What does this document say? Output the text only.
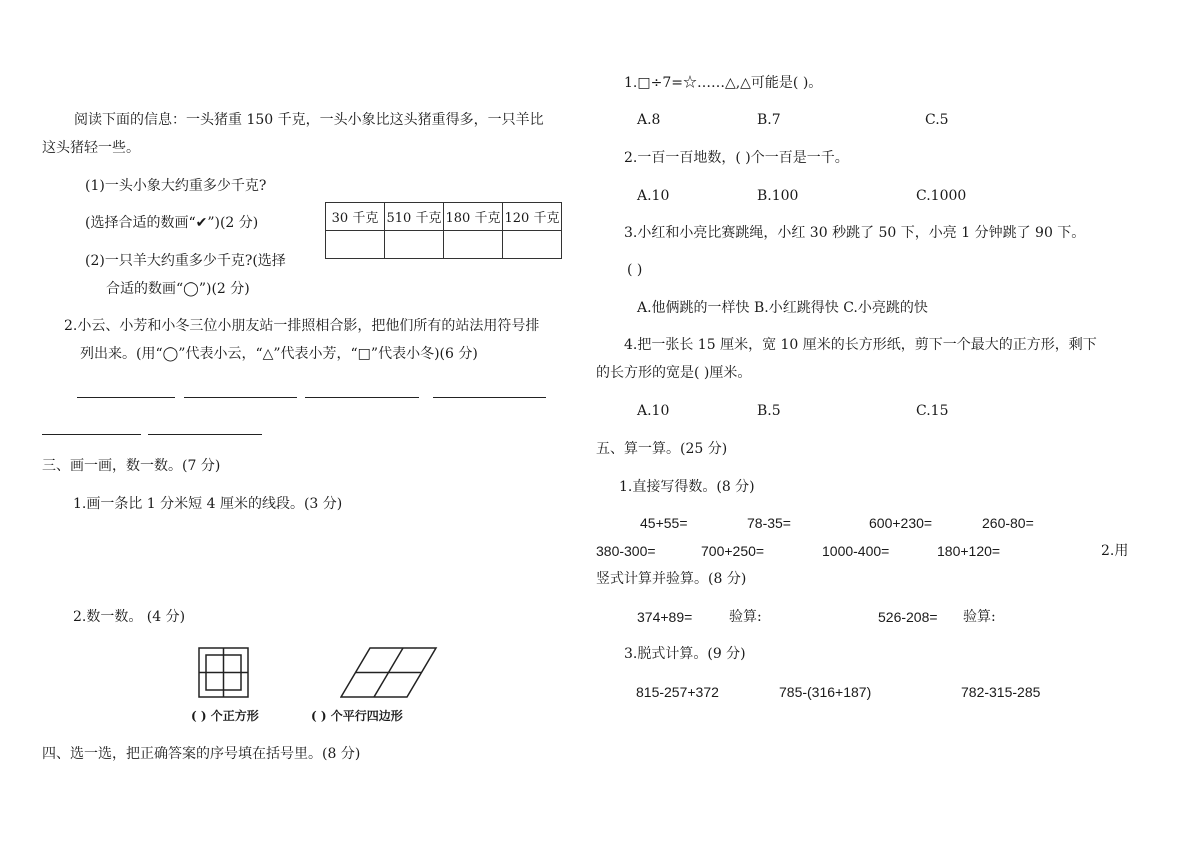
阅读下面的信息：一头猪重 150 千克，一头小象比这头猪重得多，一只羊比
这头猪轻一些。
(1)一头小象大约重多少千克?
(选择合适的数画“✔”)(2 分)
(2)一只羊大约重多少千克?(选择
合适的数画“◯”)(2 分)
30 千克	510 千克	180 千克	120 千克

2.小云、小芳和小冬三位小朋友站一排照相合影，把他们所有的站法用符号排
列出来。(用“◯”代表小云，“△”代表小芳，“□”代表小冬)(6 分)
三、画一画，数一数。(7 分)
1.画一条比 1 分米短 4 厘米的线段。(3 分)
2.数一数。 (4 分)
( ) 个正方形	( ) 个平行四边形
四、选一选，把正确答案的序号填在括号里。(8 分)
1.□÷7=☆……△,△可能是( )。
A.8	B.7	C.5
2.一百一百地数，( )个一百是一千。
A.10	B.100	C.1000
3.小红和小亮比赛跳绳，小红 30 秒跳了 50 下，小亮 1 分钟跳了 90 下。
( )
A.他俩跳的一样快 B.小红跳得快 C.小亮跳的快
4.把一张长 15 厘米，宽 10 厘米的长方形纸，剪下一个最大的正方形，剩下
的长方形的宽是( )厘米。
A.10	B.5	C.15
五、算一算。(25 分)
1.直接写得数。(8 分)
45+55=	78-35=	600+230=	260-80=
380-300=	700+250=	1000-400=	180+120=	2.用
竖式计算并验算。(8 分)
374+89=	验算:	526-208= 验算:
3.脱式计算。(9 分)
815-257+372	785-(316+187)	782-315-285
